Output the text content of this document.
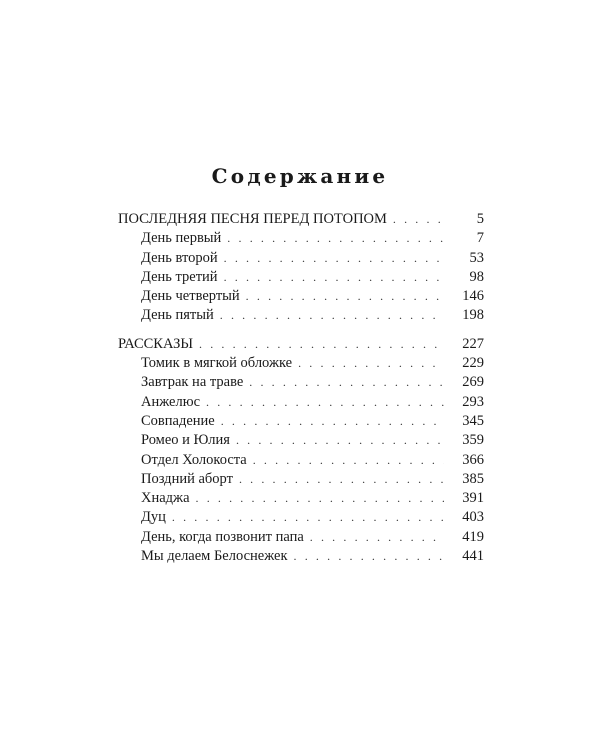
Содержание
ПОСЛЕДНЯЯ ПЕСНЯ ПЕРЕД ПОТОПОМ . . .	5
День первый . . .	7
День второй . . .	53
День третий . . .	98
День четвертый . . .	146
День пятый . . .	198
РАССКАЗЫ . . .	227
Томик в мягкой обложке . . .	229
Завтрак на траве . . .	269
Анжелюс . . .	293
Совпадение . . .	345
Ромео и Юлия . . .	359
Отдел Холокоста . . .	366
Поздний аборт . . .	385
Хнаджа . . .	391
Дуц . . .	403
День, когда позвонит папа . . .	419
Мы делаем Белоснежек . . .	441
